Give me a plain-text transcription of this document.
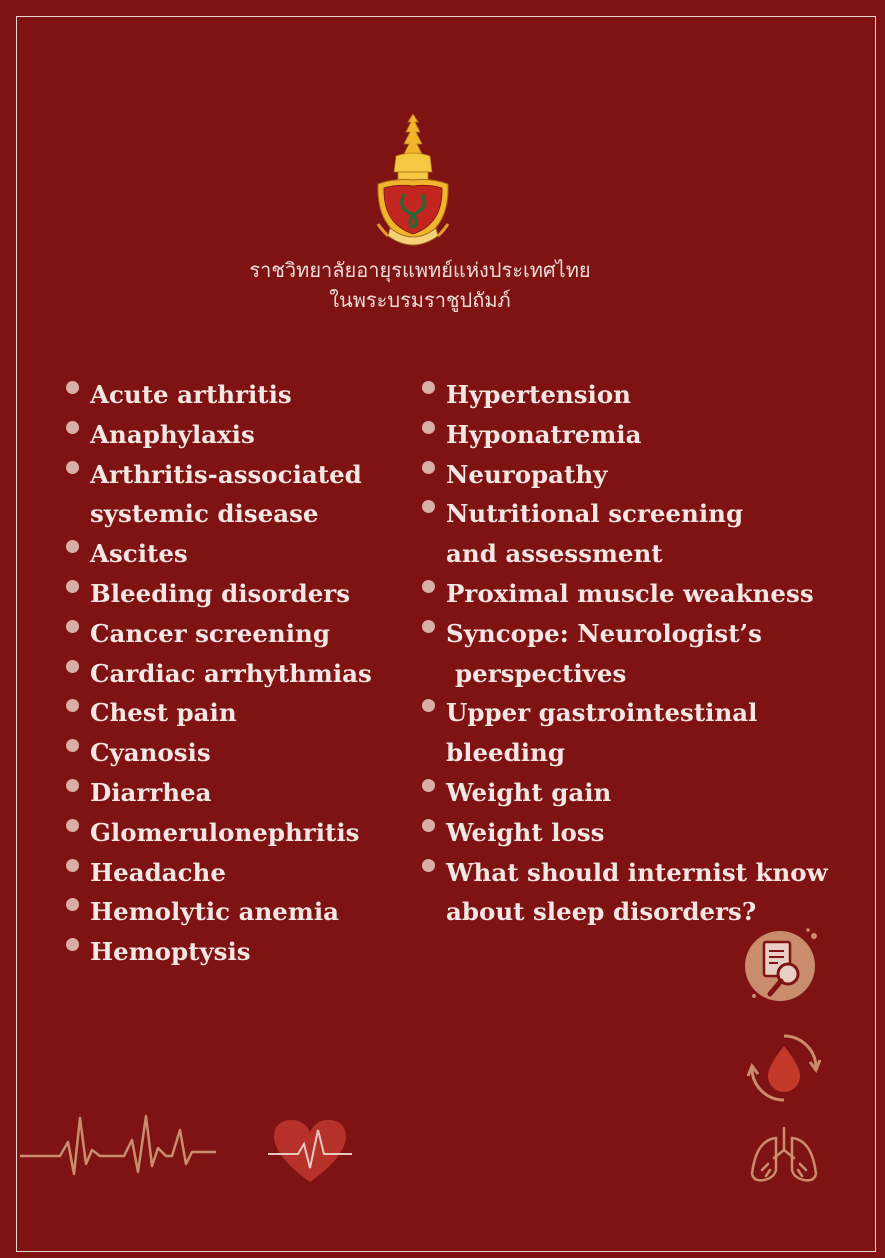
ราชวิทยาลัยอายุรแพทย์แห่งประเทศไทย
ในพระบรมราชูปถัมภ์
Acute arthritis
Anaphylaxis
Arthritis-associated
systemic disease
Ascites
Bleeding disorders
Cancer screening
Cardiac arrhythmias
Chest pain
Cyanosis
Diarrhea
Glomerulonephritis
Headache
Hemolytic anemia
Hemoptysis
Hypertension
Hyponatremia
Neuropathy
Nutritional screening
and assessment
Proximal muscle weakness
Syncope: Neurologist’s
perspectives
Upper gastrointestinal
bleeding
Weight gain
Weight loss
What should internist know
about sleep disorders?
